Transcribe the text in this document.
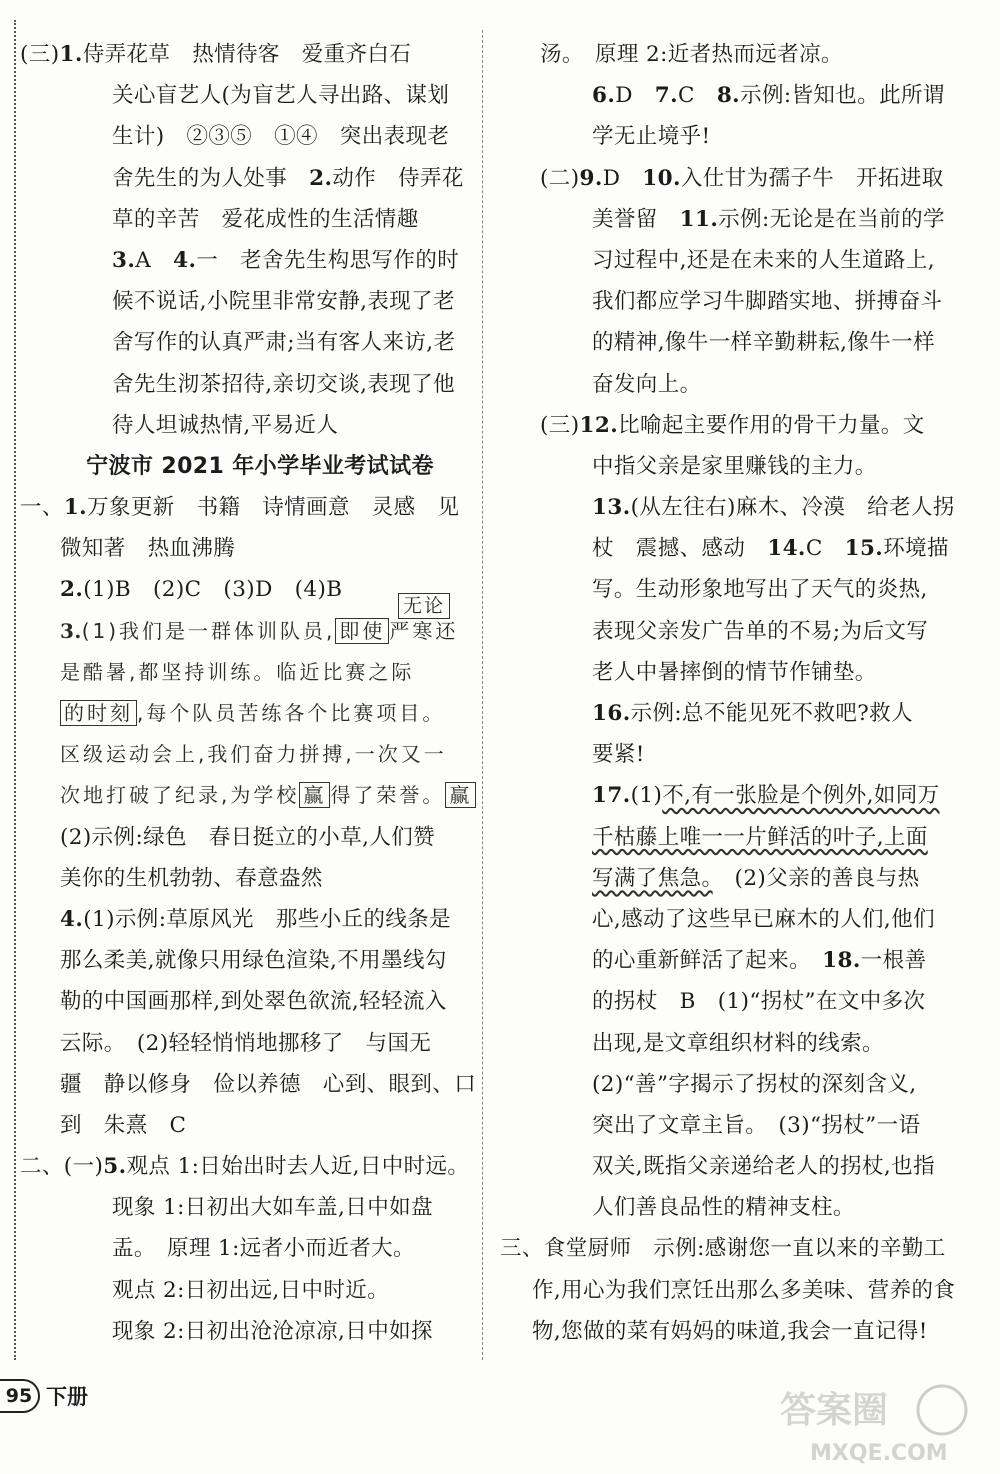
(三)1.侍弄花草　热情待客　爱重齐白石
关心盲艺人(为盲艺人寻出路、谋划
生计)　②③⑤　①④　突出表现老
舍先生的为人处事　2.动作　侍弄花
草的辛苦　爱花成性的生活情趣
3.A　4.一　老舍先生构思写作的时
候不说话,小院里非常安静,表现了老
舍写作的认真严肃;当有客人来访,老
舍先生沏茶招待,亲切交谈,表现了他
待人坦诚热情,平易近人
宁波市 2021 年小学毕业考试试卷
一、1.万象更新　书籍　诗情画意　灵感　见
微知著　热血沸腾
2.(1)B　(2)C　(3)D　(4)B
3.(1)我们是一群体训队员, 即使 严寒还
无论
是酷暑,都坚持训练。临近比赛之际
的时刻 ,每个队员苦练各个比赛项目。
区级运动会上,我们奋力拼搏,一次又一
次地打破了纪录,为学校 赢 得了荣誉。 赢
(2)示例:绿色　春日挺立的小草,人们赞
美你的生机勃勃、春意盎然
4.(1)示例:草原风光　那些小丘的线条是
那么柔美,就像只用绿色渲染,不用墨线勾
勒的中国画那样,到处翠色欲流,轻轻流入
云际。　(2)轻轻悄悄地挪移了　与国无
疆　静以修身　俭以养德　心到、眼到、口
到　朱熹　C
二、(一)5.观点 1:日始出时去人近,日中时远。
现象 1:日初出大如车盖,日中如盘
盂。　原理 1:远者小而近者大。
观点 2:日初出远,日中时近。
现象 2:日初出沧沧凉凉,日中如探
汤。　原理 2:近者热而远者凉。
6.D　7.C　8.示例:皆知也。此所谓
学无止境乎!
(二)9.D　10.入仕甘为孺子牛　开拓进取
美誉留　11.示例:无论是在当前的学
习过程中,还是在未来的人生道路上,
我们都应学习牛脚踏实地、拼搏奋斗
的精神,像牛一样辛勤耕耘,像牛一样
奋发向上。
(三)12.比喻起主要作用的骨干力量。文
中指父亲是家里赚钱的主力。
13.(从左往右)麻木、冷漠　给老人拐
杖　震撼、感动　14.C　15.环境描
写。生动形象地写出了天气的炎热,
表现父亲发广告单的不易;为后文写
老人中暑摔倒的情节作铺垫。
16.示例:总不能见死不救吧?救人
要紧!
17.(1)不,有一张脸是个例外,如同万
千枯藤上唯一一片鲜活的叶子,上面
写满了焦急。　(2)父亲的善良与热
心,感动了这些早已麻木的人们,他们
的心重新鲜活了起来。　18.一根善
的拐杖　B　(1)“拐杖”在文中多次
出现,是文章组织材料的线索。
(2)“善”字揭示了拐杖的深刻含义,
突出了文章主旨。　(3)“拐杖”一语
双关,既指父亲递给老人的拐杖,也指
人们善良品性的精神支柱。
三、食堂厨师　示例:感谢您一直以来的辛勤工
作,用心为我们烹饪出那么多美味、营养的食
物,您做的菜有妈妈的味道,我会一直记得!
95 下册	答案圈
MXQE.COM
